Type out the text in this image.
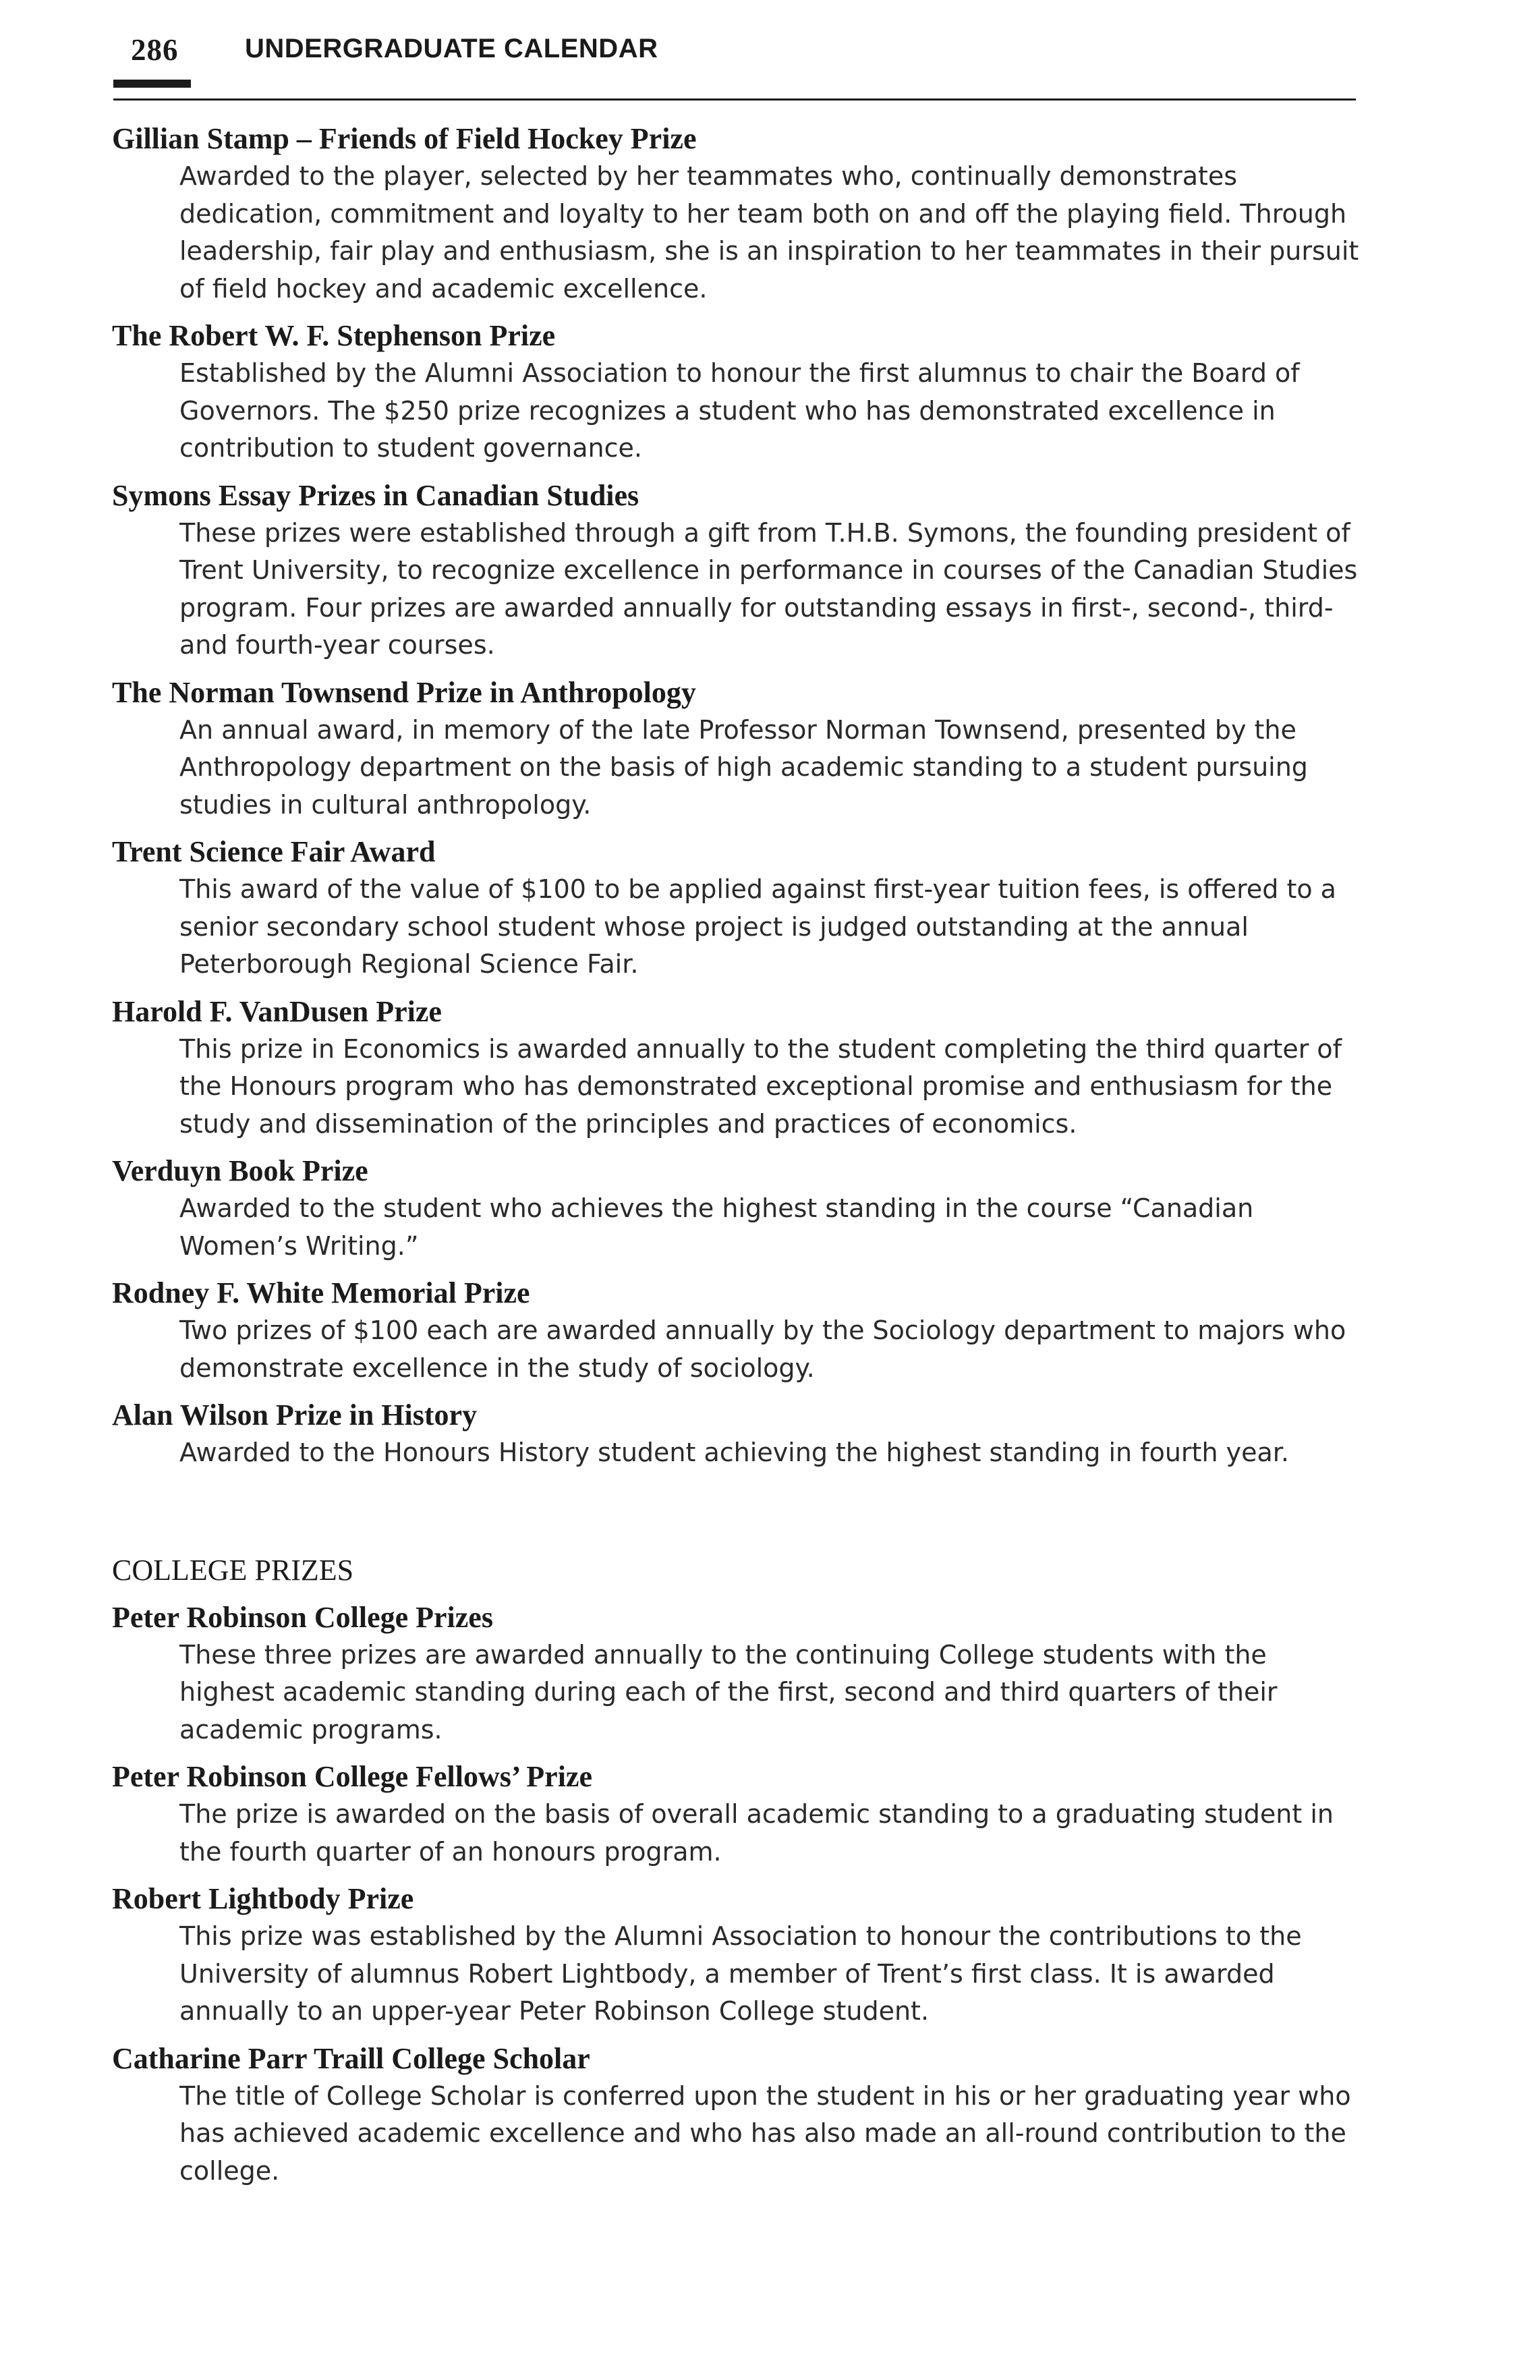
286 UNDERGRADUATE CALENDAR
Gillian Stamp – Friends of Field Hockey Prize
Awarded to the player, selected by her teammates who, continually demonstrates dedication, commitment and loyalty to her team both on and off the playing field. Through leadership, fair play and enthusiasm, she is an inspiration to her teammates in their pursuit of field hockey and academic excellence.
The Robert W. F. Stephenson Prize
Established by the Alumni Association to honour the first alumnus to chair the Board of Governors. The $250 prize recognizes a student who has demonstrated excellence in contribution to student governance.
Symons Essay Prizes in Canadian Studies
These prizes were established through a gift from T.H.B. Symons, the founding president of Trent University, to recognize excellence in performance in courses of the Canadian Studies program. Four prizes are awarded annually for outstanding essays in first-, second-, third- and fourth-year courses.
The Norman Townsend Prize in Anthropology
An annual award, in memory of the late Professor Norman Townsend, presented by the Anthropology department on the basis of high academic standing to a student pursuing studies in cultural anthropology.
Trent Science Fair Award
This award of the value of $100 to be applied against first-year tuition fees, is offered to a senior secondary school student whose project is judged outstanding at the annual Peterborough Regional Science Fair.
Harold F. VanDusen Prize
This prize in Economics is awarded annually to the student completing the third quarter of the Honours program who has demonstrated exceptional promise and enthusiasm for the study and dissemination of the principles and practices of economics.
Verduyn Book Prize
Awarded to the student who achieves the highest standing in the course “Canadian Women’s Writing.”
Rodney F. White Memorial Prize
Two prizes of $100 each are awarded annually by the Sociology department to majors who demonstrate excellence in the study of sociology.
Alan Wilson Prize in History
Awarded to the Honours History student achieving the highest standing in fourth year.
COLLEGE PRIZES
Peter Robinson College Prizes
These three prizes are awarded annually to the continuing College students with the highest academic standing during each of the first, second and third quarters of their academic programs.
Peter Robinson College Fellows’ Prize
The prize is awarded on the basis of overall academic standing to a graduating student in the fourth quarter of an honours program.
Robert Lightbody Prize
This prize was established by the Alumni Association to honour the contributions to the University of alumnus Robert Lightbody, a member of Trent’s first class. It is awarded annually to an upper-year Peter Robinson College student.
Catharine Parr Traill College Scholar
The title of College Scholar is conferred upon the student in his or her graduating year who has achieved academic excellence and who has also made an all-round contribution to the college.
